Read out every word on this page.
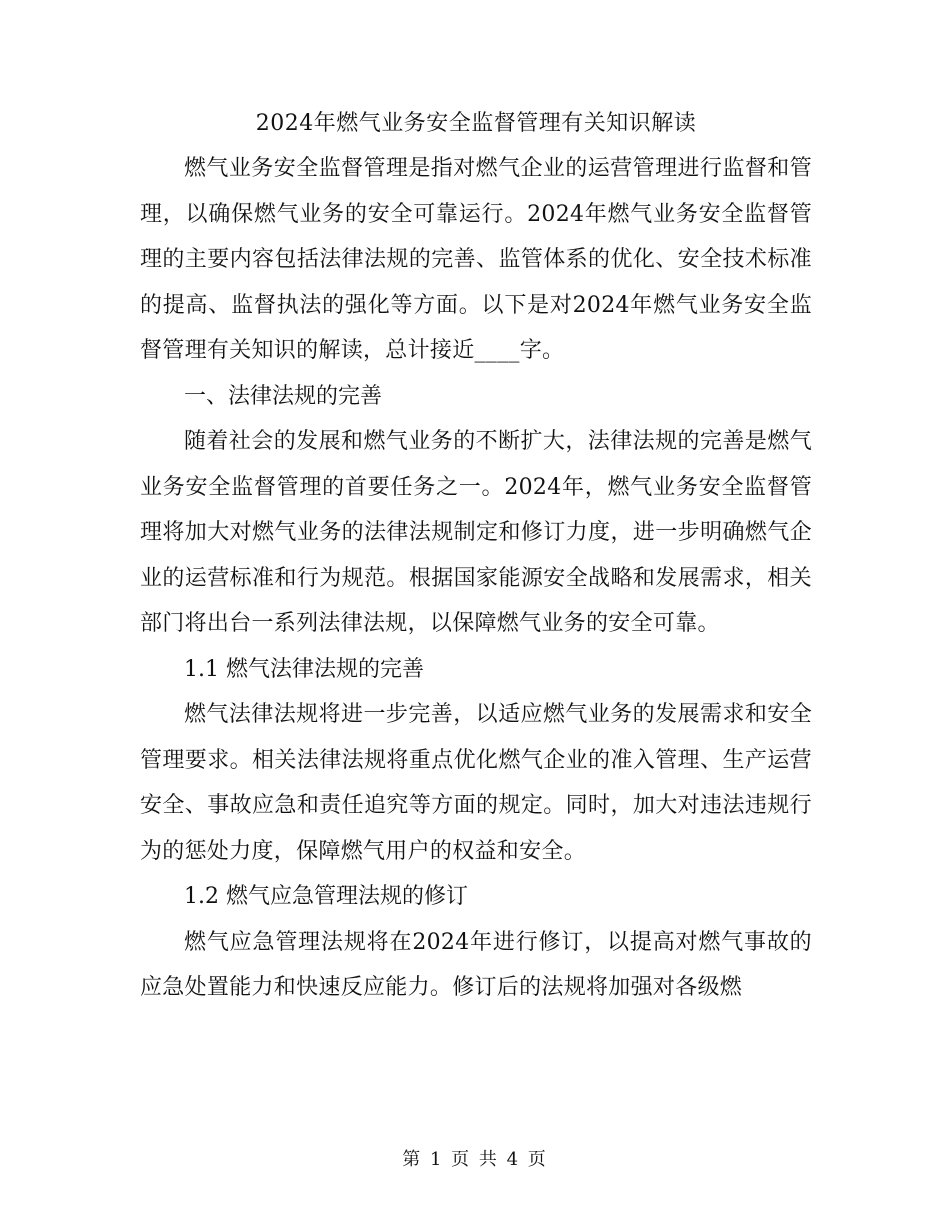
2024年燃气业务安全监督管理有关知识解读

燃气业务安全监督管理是指对燃气企业的运营管理进行监督和管理，以确保燃气业务的安全可靠运行。2024年燃气业务安全监督管理的主要内容包括法律法规的完善、监管体系的优化、安全技术标准的提高、监督执法的强化等方面。以下是对2024年燃气业务安全监督管理有关知识的解读，总计接近____字。

一、法律法规的完善

随着社会的发展和燃气业务的不断扩大，法律法规的完善是燃气业务安全监督管理的首要任务之一。2024年，燃气业务安全监督管理将加大对燃气业务的法律法规制定和修订力度，进一步明确燃气企业的运营标准和行为规范。根据国家能源安全战略和发展需求，相关部门将出台一系列法律法规，以保障燃气业务的安全可靠。

1.1 燃气法律法规的完善

燃气法律法规将进一步完善，以适应燃气业务的发展需求和安全管理要求。相关法律法规将重点优化燃气企业的准入管理、生产运营安全、事故应急和责任追究等方面的规定。同时，加大对违法违规行为的惩处力度，保障燃气用户的权益和安全。

1.2 燃气应急管理法规的修订

燃气应急管理法规将在2024年进行修订，以提高对燃气事故的应急处置能力和快速反应能力。修订后的法规将加强对各级燃

第 1 页 共 4 页
